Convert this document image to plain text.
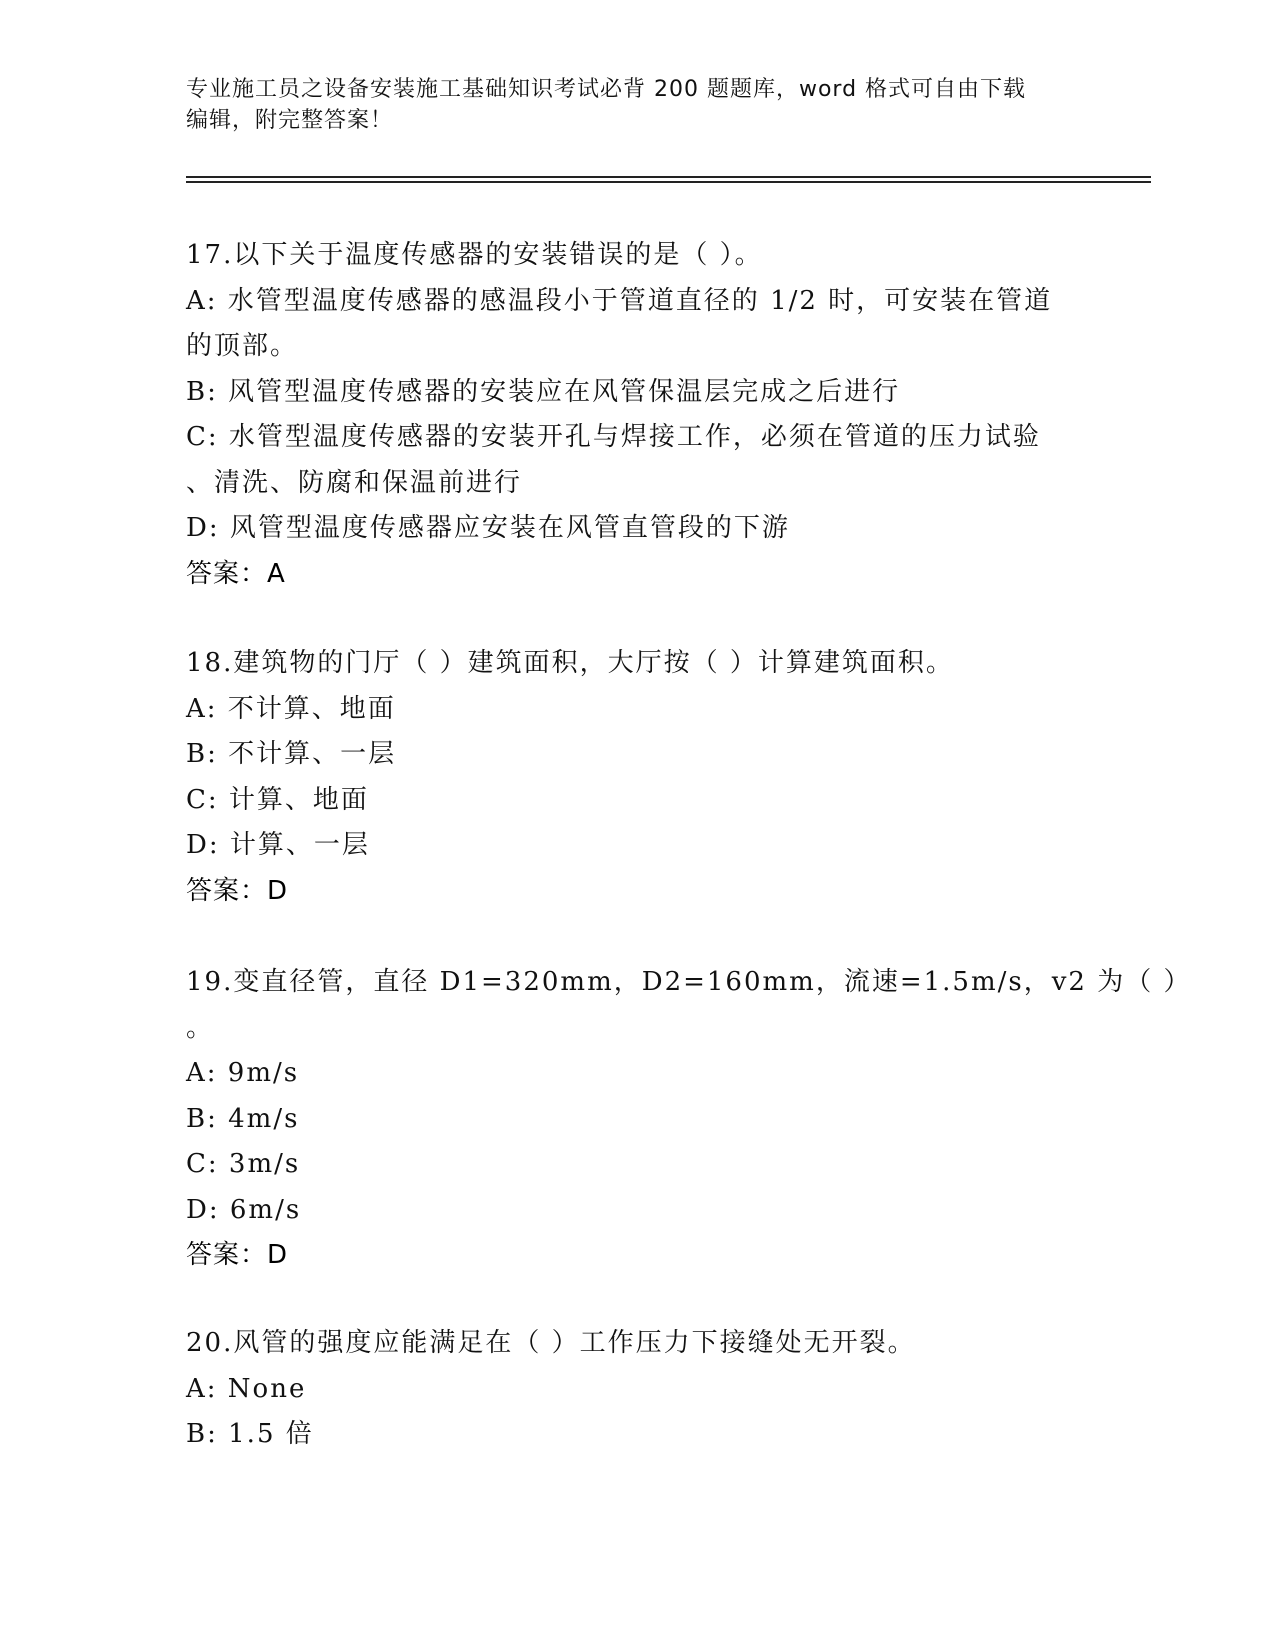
专业施工员之设备安装施工基础知识考试必背 200 题题库，word 格式可自由下载
编辑，附完整答案！
17.以下关于温度传感器的安装错误的是（ ）。
A: 水管型温度传感器的感温段小于管道直径的 1/2 时，可安装在管道
的顶部。
B: 风管型温度传感器的安装应在风管保温层完成之后进行
C: 水管型温度传感器的安装开孔与焊接工作，必须在管道的压力试验
、清洗、防腐和保温前进行
D: 风管型温度传感器应安装在风管直管段的下游
答案：A
18.建筑物的门厅（ ）建筑面积，大厅按（ ）计算建筑面积。
A: 不计算、地面
B: 不计算、一层
C: 计算、地面
D: 计算、一层
答案：D
19.变直径管，直径 D1=320mm，D2=160mm，流速=1.5m/s，v2 为（ ）
。
A: 9m/s
B: 4m/s
C: 3m/s
D: 6m/s
答案：D
20.风管的强度应能满足在（ ）工作压力下接缝处无开裂。
A: None
B: 1.5 倍
